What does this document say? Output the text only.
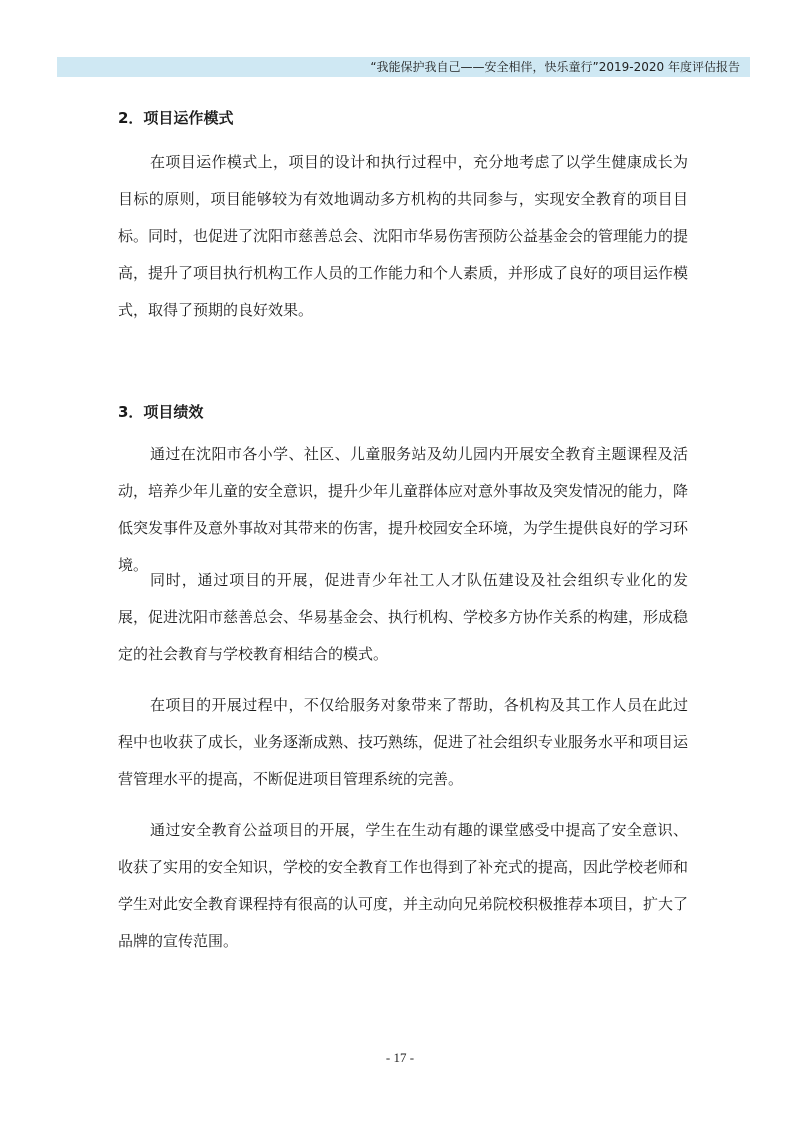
“我能保护我自己——安全相伴，快乐童行”2019-2020 年度评估报告
2．项目运作模式

在项目运作模式上，项目的设计和执行过程中，充分地考虑了以学生健康成长为目标的原则，项目能够较为有效地调动多方机构的共同参与，实现安全教育的项目目标。同时，也促进了沈阳市慈善总会、沈阳市华易伤害预防公益基金会的管理能力的提高，提升了项目执行机构工作人员的工作能力和个人素质，并形成了良好的项目运作模式，取得了预期的良好效果。

3．项目绩效

通过在沈阳市各小学、社区、儿童服务站及幼儿园内开展安全教育主题课程及活动，培养少年儿童的安全意识，提升少年儿童群体应对意外事故及突发情况的能力，降低突发事件及意外事故对其带来的伤害，提升校园安全环境，为学生提供良好的学习环境。

同时，通过项目的开展，促进青少年社工人才队伍建设及社会组织专业化的发展，促进沈阳市慈善总会、华易基金会、执行机构、学校多方协作关系的构建，形成稳定的社会教育与学校教育相结合的模式。

在项目的开展过程中，不仅给服务对象带来了帮助，各机构及其工作人员在此过程中也收获了成长，业务逐渐成熟、技巧熟练，促进了社会组织专业服务水平和项目运营管理水平的提高，不断促进项目管理系统的完善。

通过安全教育公益项目的开展，学生在生动有趣的课堂感受中提高了安全意识、收获了实用的安全知识，学校的安全教育工作也得到了补充式的提高，因此学校老师和学生对此安全教育课程持有很高的认可度，并主动向兄弟院校积极推荐本项目，扩大了品牌的宣传范围。

- 17 -
